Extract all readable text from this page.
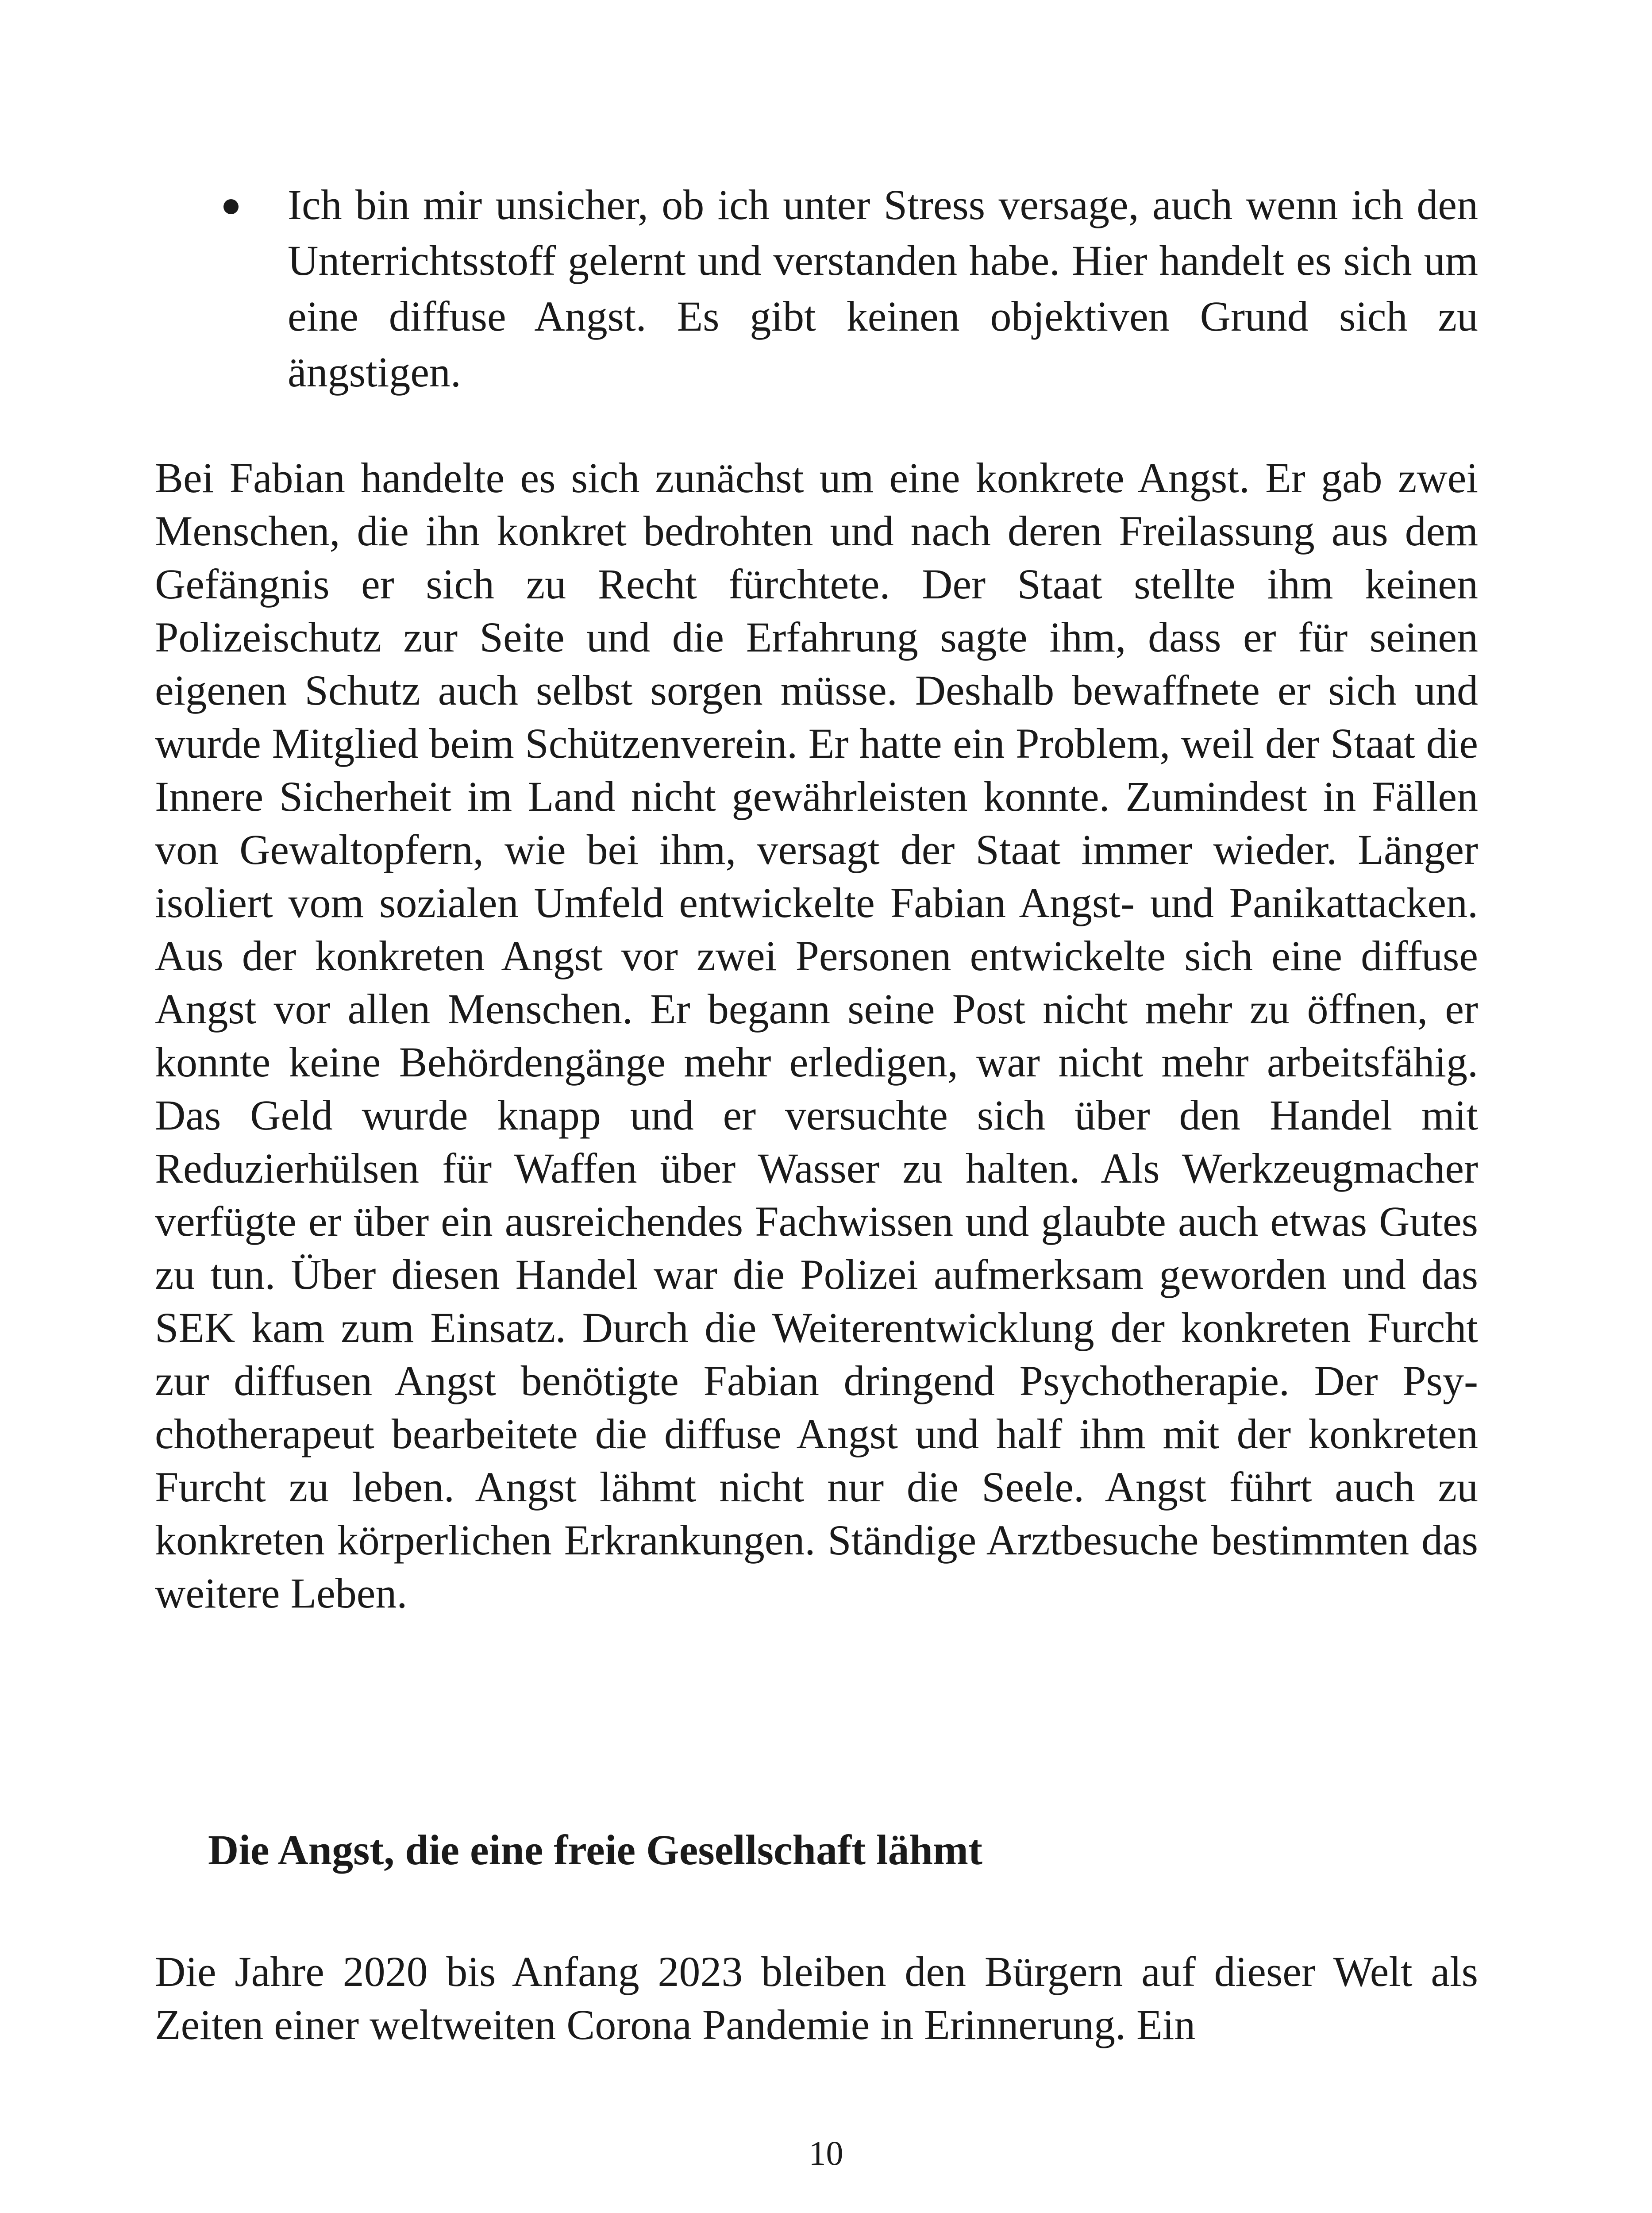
Ich bin mir unsicher, ob ich unter Stress versage, auch wenn ich den Unterrichtsstoff gelernt und verstanden habe. Hier handelt es sich um eine diffuse Angst. Es gibt keinen objektiven Grund sich zu ängstigen.

Bei Fabian handelte es sich zunächst um eine konkrete Angst. Er gab zwei Menschen, die ihn konkret bedrohten und nach deren Freilassung aus dem Gefängnis er sich zu Recht fürchtete. Der Staat stellte ihm keinen Polizeischutz zur Seite und die Erfahrung sagte ihm, dass er für seinen eigenen Schutz auch selbst sorgen müsse. Deshalb bewaffnete er sich und wurde Mitglied beim Schützenverein. Er hatte ein Problem, weil der Staat die Innere Sicherheit im Land nicht gewährleisten konnte. Zumindest in Fällen von Gewaltopfern, wie bei ihm, versagt der Staat immer wieder. Länger isoliert vom sozialen Umfeld entwickelte Fabian Angst- und Panikattacken. Aus der konkreten Angst vor zwei Personen entwickelte sich eine diffuse Angst vor allen Menschen. Er begann seine Post nicht mehr zu öffnen, er konnte keine Behördengänge mehr erledigen, war nicht mehr arbeitsfähig. Das Geld wurde knapp und er versuchte sich über den Handel mit Reduzierhülsen für Waffen über Wasser zu halten. Als Werkzeugmacher verfügte er über ein ausreichendes Fachwissen und glaubte auch etwas Gutes zu tun. Über diesen Handel war die Polizei aufmerksam geworden und das SEK kam zum Einsatz. Durch die Weiterentwicklung der konkreten Furcht zur diffusen Angst benötigte Fabian dringend Psychotherapie. Der Psychotherapeut bearbeitete die diffuse Angst und half ihm mit der konkreten Furcht zu leben. Angst lähmt nicht nur die Seele. Angst führt auch zu konkreten körperlichen Erkrankungen. Ständige Arztbesuche bestimmten das weitere Leben.

Die Angst, die eine freie Gesellschaft lähmt

Die Jahre 2020 bis Anfang 2023 bleiben den Bürgern auf dieser Welt als Zeiten einer weltweiten Corona Pandemie in Erinnerung. Ein

10
